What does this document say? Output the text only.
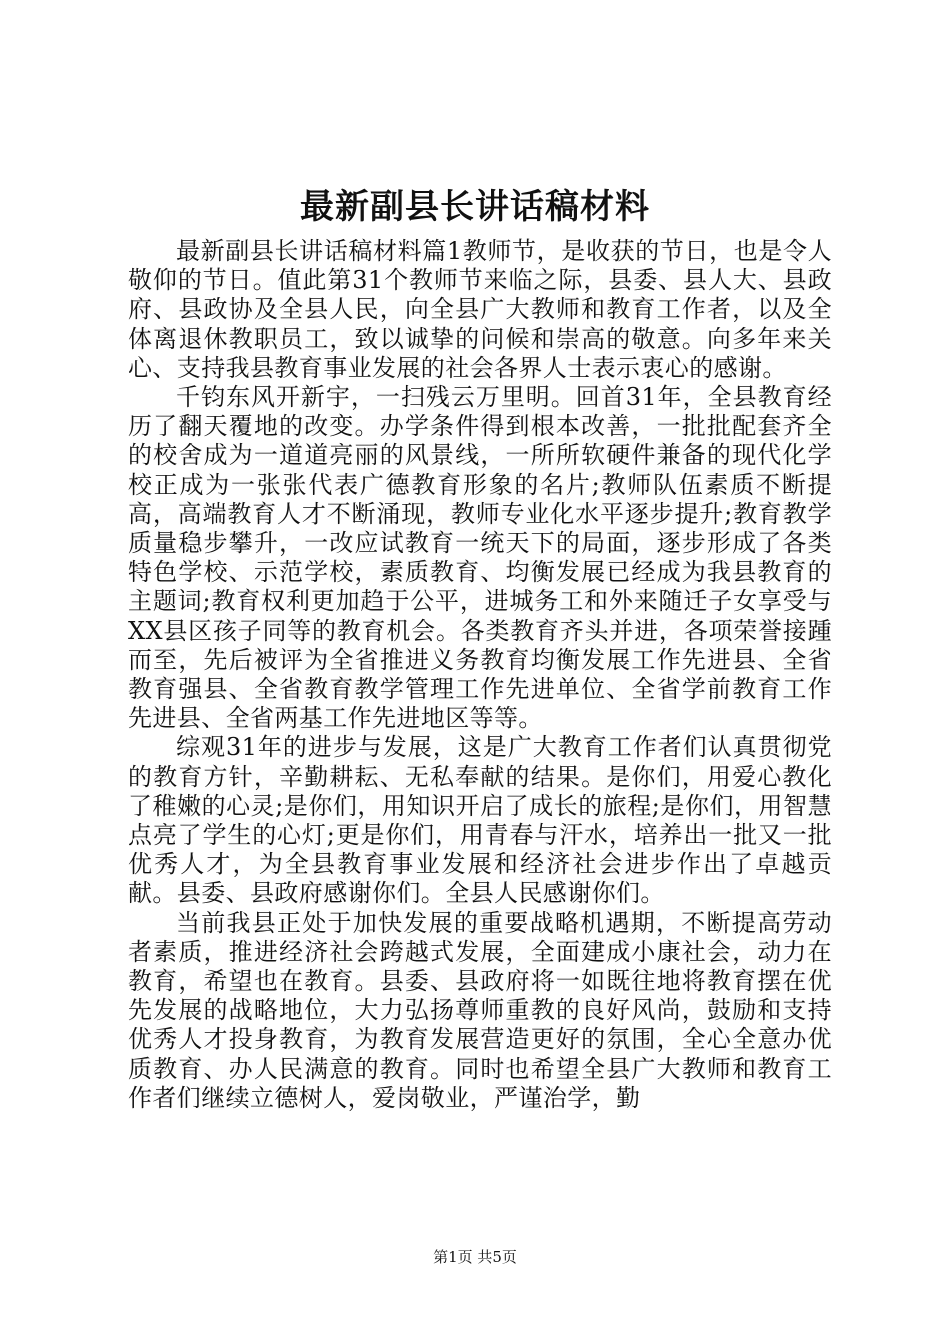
最新副县长讲话稿材料

最新副县长讲话稿材料篇1教师节，是收获的节日，也是令人敬仰的节日。值此第31个教师节来临之际，县委、县人大、县政府、县政协及全县人民，向全县广大教师和教育工作者，以及全体离退休教职员工，致以诚挚的问候和崇高的敬意。向多年来关心、支持我县教育事业发展的社会各界人士表示衷心的感谢。

千钧东风开新宇，一扫残云万里明。回首31年，全县教育经历了翻天覆地的改变。办学条件得到根本改善，一批批配套齐全的校舍成为一道道亮丽的风景线，一所所软硬件兼备的现代化学校正成为一张张代表广德教育形象的名片;教师队伍素质不断提高，高端教育人才不断涌现，教师专业化水平逐步提升;教育教学质量稳步攀升，一改应试教育一统天下的局面，逐步形成了各类特色学校、示范学校，素质教育、均衡发展已经成为我县教育的主题词;教育权利更加趋于公平，进城务工和外来随迁子女享受与XX县区孩子同等的教育机会。各类教育齐头并进，各项荣誉接踵而至，先后被评为全省推进义务教育均衡发展工作先进县、全省教育强县、全省教育教学管理工作先进单位、全省学前教育工作先进县、全省两基工作先进地区等等。

综观31年的进步与发展，这是广大教育工作者们认真贯彻党的教育方针，辛勤耕耘、无私奉献的结果。是你们，用爱心教化了稚嫩的心灵;是你们，用知识开启了成长的旅程;是你们，用智慧点亮了学生的心灯;更是你们，用青春与汗水，培养出一批又一批优秀人才，为全县教育事业发展和经济社会进步作出了卓越贡献。县委、县政府感谢你们。全县人民感谢你们。

当前我县正处于加快发展的重要战略机遇期，不断提高劳动者素质，推进经济社会跨越式发展，全面建成小康社会，动力在教育，希望也在教育。县委、县政府将一如既往地将教育摆在优先发展的战略地位，大力弘扬尊师重教的良好风尚，鼓励和支持优秀人才投身教育，为教育发展营造更好的氛围，全心全意办优质教育、办人民满意的教育。同时也希望全县广大教师和教育工作者们继续立德树人，爱岗敬业，严谨治学，勤

第1页 共5页
